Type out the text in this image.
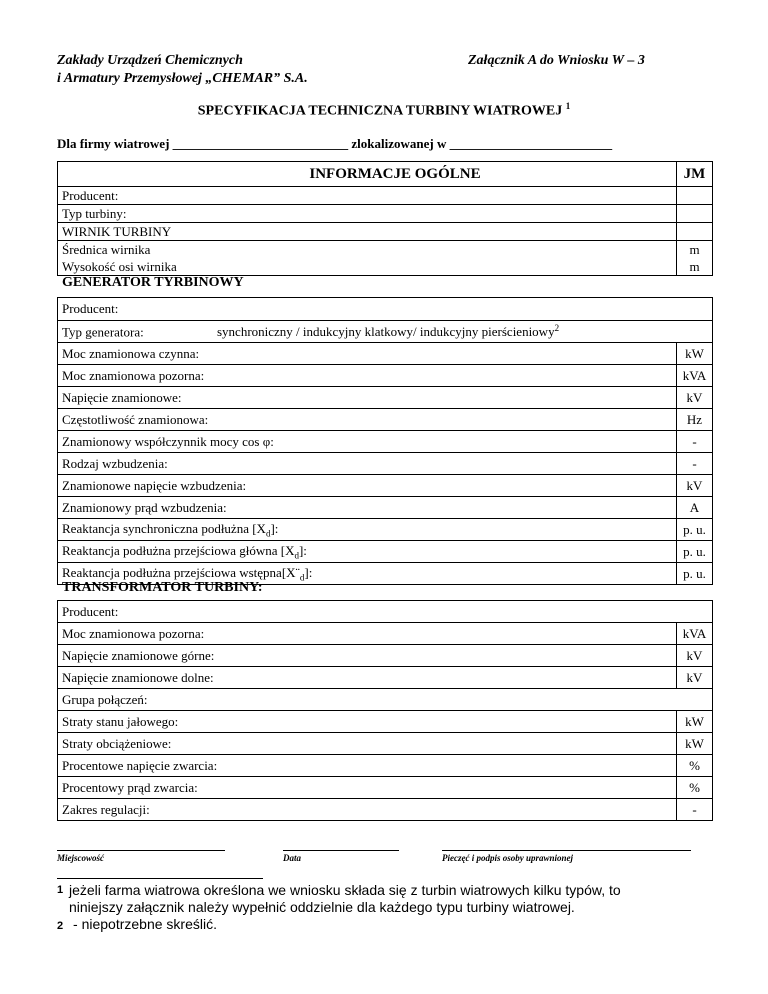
Zakłady Urządzeń Chemicznych
i Armatury Przemysłowej „CHEMAR” S.A.
Załącznik A do Wniosku W – 3
SPECYFIKACJA TECHNICZNA TURBINY WIATROWEJ $^1$
Dla firmy wiatrowej ___________________________ zlokalizowanej w _________________________
INFORMACJE OGÓLNE	JM
Producent:	
Typ turbiny:	
WIRNIK TURBINY	
Średnica wirnika	m
Wysokość osi wirnika	m
GENERATOR TYRBINOWY
Producent:	
Typ generatora: synchroniczny / indukcyjny klatkowy/ indukcyjny pierścieniowy$^2$	
Moc znamionowa czynna:	kW
Moc znamionowa pozorna:	kVA
Napięcie znamionowe:	kV
Częstotliwość znamionowa:	Hz
Znamionowy współczynnik mocy cos φ:	-
Rodzaj wzbudzenia:	-
Znamionowe napięcie wzbudzenia:	kV
Znamionowy prąd wzbudzenia:	A
Reaktancja synchroniczna podłużna $[X_d]$:	p. u.
Reaktancja podłużna przejściowa główna $[X_d]$:	p. u.
Reaktancja podłużna przejściowa $wstępna[X¨_d]$:	p. u.
TRANSFORMATOR TURBINY:
Producent:	
Moc znamionowa pozorna:	kVA
Napięcie znamionowe górne:	kV
Napięcie znamionowe dolne:	kV
Grupa połączeń:	
Straty stanu jałowego:	kW
Straty obciążeniowe:	kW
Procentowe napięcie zwarcia:	%
Procentowy prąd zwarcia:	%
Zakres regulacji:	-
Miejscowość	Data	Pieczęć i podpis osoby uprawnionej
1 jeżeli farma wiatrowa określona we wniosku składa się z turbin wiatrowych kilku typów, to niniejszy załącznik należy wypełnić oddzielnie dla każdego typu turbiny wiatrowej.
2 - niepotrzebne skreślić.
